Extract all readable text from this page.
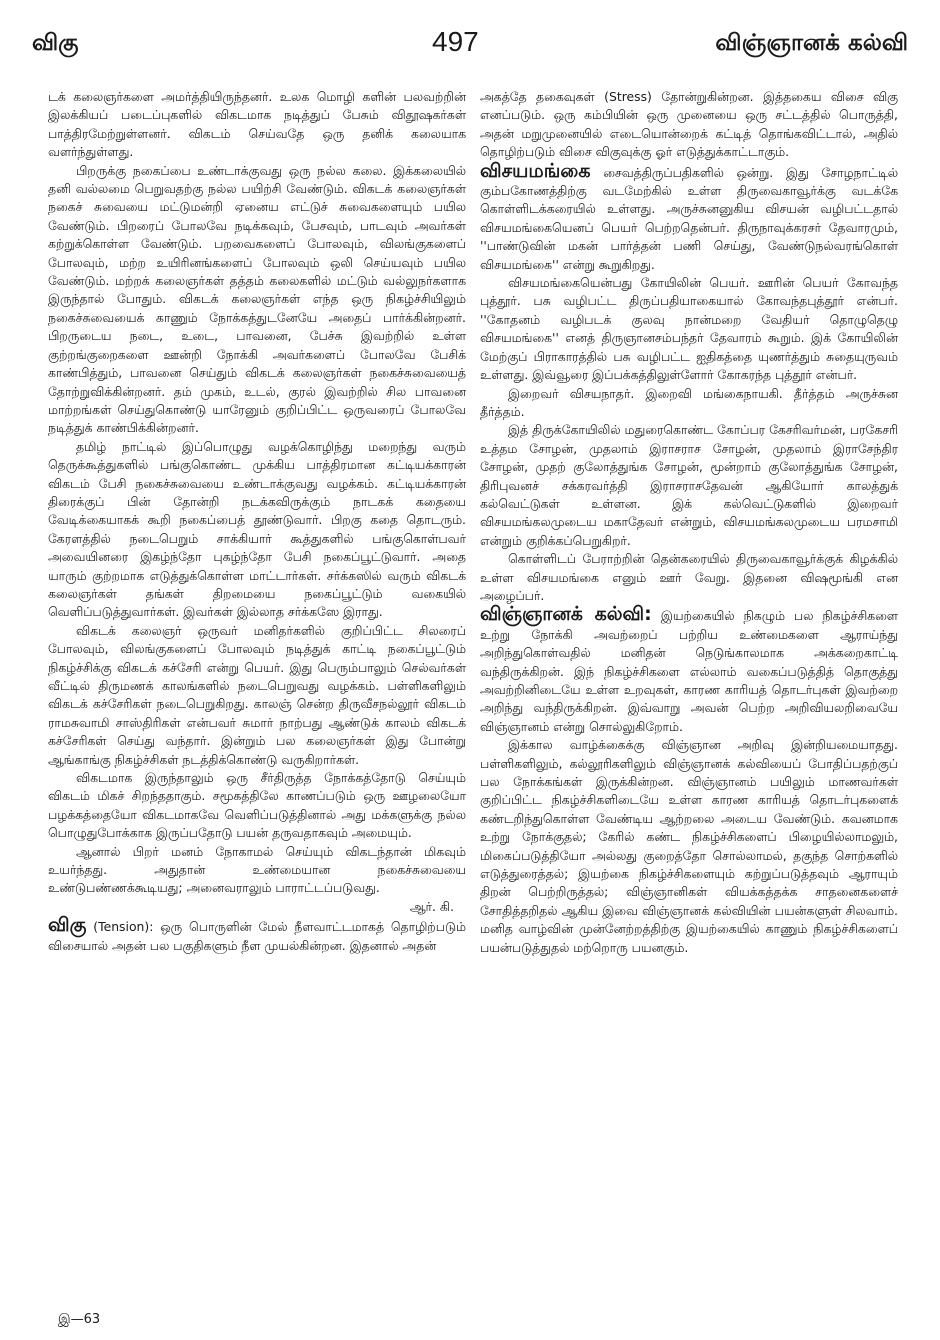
விகு	497	விஞ்ஞானக் கல்வி

டக் கலைஞர்களை அமர்த்தியிருந்தனர். உலக மொழி களின் பலவற்றின் இலக்கியப் படைப்புகளில் விகடமாக நடித்துப் பேசும் விதூஷகர்கள் பாத்திரமேற்றுள்ளனர். விகடம் செய்வதே ஒரு தனிக் கலையாக வளர்ந்துள்ளது.

பிறருக்கு நகைப்பை உண்டாக்குவது ஒரு நல்ல கலை. இக்கலையில் தனி வல்லமை பெறுவதற்கு நல்ல பயிற்சி வேண்டும். விகடக் கலைஞர்கள் நகைச் சுவையை மட்டுமன்றி ஏனைய எட்டுச் சுவைகளையும் பயில வேண்டும். பிறரைப் போலவே நடிக்கவும், பேசவும், பாடவும் அவர்கள் கற்றுக்கொள்ள வேண்டும். பறவைகளைப் போலவும், விலங்குகளைப் போலவும், மற்ற உயிரினங்களைப் போலவும் ஒலி செய்யவும் பயில வேண்டும். மற்றக் கலைஞர்கள் தத்தம் கலைகளில் மட்டும் வல்லுநர்களாக இருந்தால் போதும். விகடக் கலைஞர்கள் எந்த ஒரு நிகழ்ச்சியிலும் நகைச்சுவையைக் காணும் நோக்கத்துடனேயே அதைப் பார்க்கின்றனர். பிறருடைய நடை, உடை, பாவனை, பேச்சு இவற்றில் உள்ள குற்றங்குறைகளை ஊன்றி நோக்கி அவர்களைப் போலவே பேசிக் காண்பித்தும், பாவனை செய்தும் விகடக் கலைஞர்கள் நகைச்சுவையைத் தோற்றுவிக்கின்றனர். தம் முகம், உடல், குரல் இவற்றில் சில பாவனை மாற்றங்கள் செய்துகொண்டு யாரேனும் குறிப்பிட்ட ஒருவரைப் போலவே நடித்துக் காண்பிக்கின்றனர்.

தமிழ் நாட்டில் இப்பொழுது வழக்கொழிந்து மறைந்து வரும் தெருக்கூத்துகளில் பங்குகொண்ட முக்கிய பாத்திரமான கட்டியக்காரன் விகடம் பேசி நகைச்சுவையை உண்டாக்குவது வழக்கம். கட்டியக்காரன் திரைக்குப் பின் தோன்றி நடக்கவிருக்கும் நாடகக் கதையை வேடிக்கையாகக் கூறி நகைப்பைத் தூண்டுவார். பிறகு கதை தொடரும். கேரளத்தில் நடைபெறும் சாக்கியார் கூத்துகளில் பங்குகொள்பவர் அவையினரை இகழ்ந்தோ புகழ்ந்தோ பேசி நகைப்பூட்டுவார். அதை யாரும் குற்றமாக எடுத்துக்கொள்ள மாட்டார்கள். சர்க்கஸில் வரும் விகடக் கலைஞர்கள் தங்கள் திறமையை நகைப்பூட்டும் வகையில் வெளிப்படுத்துவார்கள். இவர்கள் இல்லாத சர்க்கஸே இராது.

விகடக் கலைஞர் ஒருவர் மனிதர்களில் குறிப்பிட்ட சிலரைப் போலவும், விலங்குகளைப் போலவும் நடித்துக் காட்டி நகைப்பூட்டும் நிகழ்ச்சிக்கு விகடக் கச்சேரி என்று பெயர். இது பெரும்பாலும் செல்வர்கள் வீட்டில் திருமணக் காலங்களில் நடைபெறுவது வழக்கம். பள்ளிகளிலும் விகடக் கச்சேரிகள் நடைபெறுகிறது. காலஞ் சென்ற திருவீசநல்லூர் விகடம் ராமசுவாமி சாஸ்திரிகள் என்பவர் சுமார் நாற்பது ஆண்டுக் காலம் விகடக் கச்சேரிகள் செய்து வந்தார். இன்றும் பல கலைஞர்கள் இது போன்று ஆங்காங்கு நிகழ்ச்சிகள் நடத்திக்கொண்டு வருகிறார்கள்.

விகடமாக இருந்தாலும் ஒரு சீர்திருத்த நோக்கத்தோடு செய்யும் விகடம் மிகச் சிறந்ததாகும். சமூகத்திலே காணப்படும் ஒரு ஊழலையோ பழக்கத்தையோ விகடமாகவே வெளிப்படுத்தினால் அது மக்களுக்கு நல்ல பொழுதுபோக்காக இருப்பதோடு பயன் தருவதாகவும் அமையும்.

ஆனால் பிறர் மனம் நோகாமல் செய்யும் விகடந்தான் மிகவும் உயர்ந்தது. அதுதான் உண்மையான நகைச்சுவையை உண்டுபண்ணக்கூடியது; அனைவராலும் பாராட்டப்படுவது.

ஆர். கி.

விகு (Tension): ஒரு பொருளின் மேல் நீளவாட்டமாகத் தொழிற்படும் விசையால் அதன் பல பகுதிகளும் நீள முயல்கின்றன. இதனால் அதன்

அகத்தே தகைவுகள் (Stress) தோன்றுகின்றன. இத்தகைய விசை விகு எனப்படும். ஒரு கம்பியின் ஒரு முனையை ஒரு சட்டத்தில் பொருத்தி, அதன் மறுமுனையில் எடையொன்றைக் கட்டித் தொங்கவிட்டால், அதில் தொழிற்படும் விசை விகுவுக்கு ஓர் எடுத்துக்காட்டாகும்.

விசயமங்கை சைவத்திருப்பதிகளில் ஒன்று. இது சோழநாட்டில் கும்பகோணத்திற்கு வடமேற்கில் உள்ள திருவைகாவூர்க்கு வடக்கே கொள்ளிடக்கரையில் உள்ளது. அருச்சுனனுகிய விசயன் வழிபட்டதால் விசயமங்கையெனப் பெயர் பெற்றதென்பர். திருநாவுக்கரசர் தேவாரமும், ''பாண்டுவின் மகன் பார்த்தன் பணி செய்து, வேண்டுநல்வரங்கொள் விசயமங்கை'' என்று கூறுகிறது.

விசயமங்கையென்பது கோயிலின் பெயர். ஊரின் பெயர் கோவந்த புத்தூர். பசு வழிபட்ட திருப்பதியாகையால் கோவந்தபுத்தூர் என்பர். ''கோதனம் வழிபடக் குலவு நான்மறை வேதியர் தொழுதெழு விசயமங்கை'' எனத் திருஞானசம்பந்தர் தேவாரம் கூறும். இக் கோயிலின் மேற்குப் பிராகாரத்தில் பசு வழிபட்ட ஐதிகத்தை யுணர்த்தும் சுதையுருவம் உள்ளது. இவ்வூரை இப்பக்கத்திலுள்ளோர் கோகரந்த புத்தூர் என்பர்.

இறைவர் விசயநாதர். இறைவி மங்கைநாயகி. தீர்த்தம் அருச்சுன தீர்த்தம்.

இத் திருக்கோயிலில் மதுரைகொண்ட கோப்பர கேசரிவர்மன், பரகேசரி உத்தம சோழன், முதலாம் இராசராச சோழன், முதலாம் இராசேந்திர சோழன், முதற் குலோத்துங்க சோழன், மூன்றாம் குலோத்துங்க சோழன், திரிபுவனச் சக்கரவர்த்தி இராசராசதேவன் ஆகியோர் காலத்துக் கல்வெட்டுகள் உள்ளன. இக் கல்வெட்டுகளில் இறைவர் விசயமங்கலமுடைய மகாதேவர் என்றும், விசயமங்கலமுடைய பரமசாமி என்றும் குறிக்கப்பெறுகிறர்.

கொள்ளிடப் பேராற்றின் தென்கரையில் திருவைகாவூர்க்குக் கிழக்கில் உள்ள விசயமங்கை எனும் ஊர் வேறு. இதனை விஷமூங்கி என அழைப்பர்.

விஞ்ஞானக் கல்வி: இயற்கையில் நிகழும் பல நிகழ்ச்சிகளை உற்று நோக்கி அவற்றைப் பற்றிய உண்மைகளை ஆராய்ந்து அறிந்துகொள்வதில் மனிதன் நெடுங்காலமாக அக்கறைகாட்டி வந்திருக்கிறன். இந் நிகழ்ச்சிகளை எல்லாம் வகைப்படுத்தித் தொகுத்து அவற்றினிடையே உள்ள உறவுகள், காரண காரியத் தொடர்புகள் இவற்றை அறிந்து வந்திருக்கிறன். இவ்வாறு அவன் பெற்ற அறிவியலறிவையே விஞ்ஞானம் என்று சொல்லுகிறோம்.

இக்கால வாழ்க்கைக்கு விஞ்ஞான அறிவு இன்றியமையாதது. பள்ளிகளிலும், கல்லூரிகளிலும் விஞ்ஞானக் கல்வியைப் போதிப்பதற்குப் பல நோக்கங்கள் இருக்கின்றன. விஞ்ஞானம் பயிலும் மாணவர்கள் குறிப்பிட்ட நிகழ்ச்சிகளிடையே உள்ள காரண காரியத் தொடர்புகளைக் கண்டறிந்துகொள்ள வேண்டிய ஆற்றலை அடைய வேண்டும். கவனமாக உற்று நோக்குதல்; கேரில் கண்ட நிகழ்ச்சிகளைப் பிழையில்லாமலும், மிகைப்படுத்தியோ அல்லது குறைத்தோ சொல்லாமல், தகுந்த சொற்களில் எடுத்துரைத்தல்; இயற்கை நிகழ்ச்சிகளையும் கற்றுப்படுத்தவும் ஆராயும் திறன் பெற்றிருத்தல்; விஞ்ஞானிகள் வியக்கத்தக்க சாதனைகளைச் சோதித்தறிதல் ஆகிய இவை விஞ்ஞானக் கல்வியின் பயன்களுள் சிலவாம். மனித வாழ்வின் முன்னேற்றத்திற்கு இயற்கையில் காணும் நிகழ்ச்சிகளைப் பயன்படுத்துதல் மற்றொரு பயனகும்.

இ—63
